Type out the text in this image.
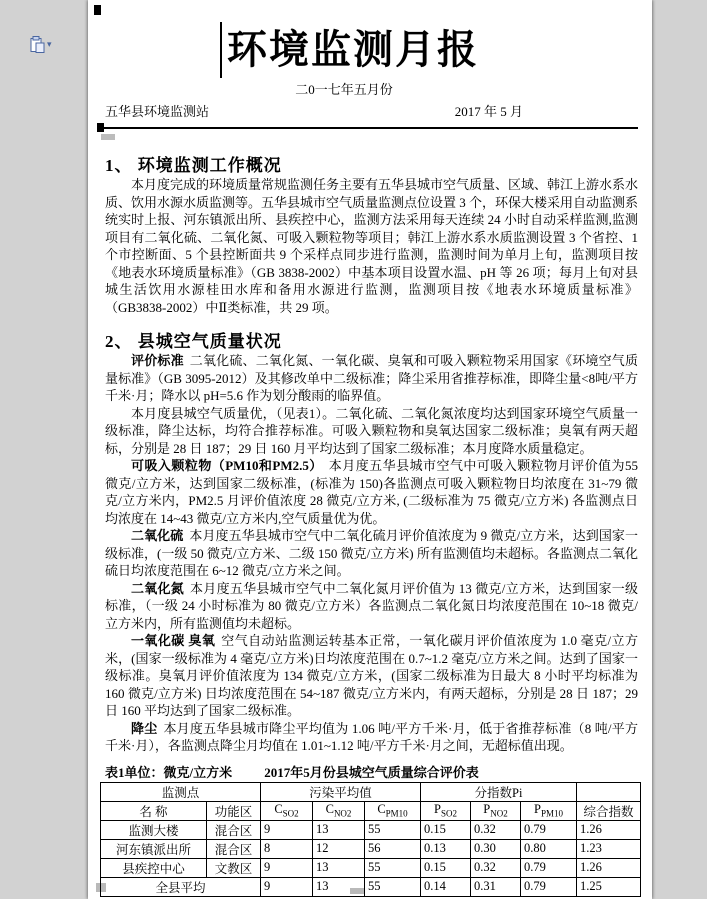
▾	环境监测月报
二0一七年五月份
五华县环境监测站	2017 年 5 月
1、 环境监测工作概况

本月度完成的环境质量常规监测任务主要有五华县城市空气质量、区域、韩江上游水系水质、饮用水源水质监测等。五华县城市空气质量监测点位设置 3 个，环保大楼采用自动监测系统实时上报、河东镇派出所、县疾控中心，监测方法采用每天连续 24 小时自动采样监测,监测项目有二氧化硫、二氧化氮、可吸入颗粒物等项目；韩江上游水系水质监测设置 3 个省控、1 个市控断面、5 个县控断面共 9 个采样点同步进行监测，监测时间为单月上旬，监测项目按《地表水环境质量标准》（GB 3838-2002）中基本项目设置水温、pH 等 26 项；每月上旬对县城生活饮用水源桂田水库和备用水源进行监测，监测项目按《地表水环境质量标准》（GB3838-2002）中Ⅱ类标准，共 29 项。

2、 县城空气质量状况

评价标准 二氧化硫、二氧化氮、一氧化碳、臭氧和可吸入颗粒物采用国家《环境空气质量标准》（GB 3095-2012）及其修改单中二级标准；降尘采用省推荐标准，即降尘量<8吨/平方千米·月；降水以 pH=5.6 作为划分酸雨的临界值。

本月度县城空气质量优，（见表1）。二氧化硫、二氧化氮浓度均达到国家环境空气质量一级标准，降尘达标，均符合推荐标准。可吸入颗粒物和臭氧达国家二级标准；臭氧有两天超标，分别是 28 日 187；29 日 160 月平均达到了国家二级标准；本月度降水质量稳定。

可吸入颗粒物（PM10和PM2.5） 本月度五华县城市空气中可吸入颗粒物月评价值为55 微克/立方米，达到国家二级标准，(标准为 150)各监测点可吸入颗粒物日均浓度在 31~79 微克/立方米内，PM2.5 月评价值浓度 28 微克/立方米, (二级标准为 75 微克/立方米) 各监测点日均浓度在 14~43 微克/立方米内,空气质量优为优。

二氧化硫 本月度五华县城市空气中二氧化硫月评价值浓度为 9 微克/立方米，达到国家一级标准，(一级 50 微克/立方米、二级 150 微克/立方米) 所有监测值均未超标。各监测点二氧化硫日均浓度范围在 6~12 微克/立方米之间。

二氧化氮 本月度五华县城市空气中二氧化氮月评价值为 13 微克/立方米，达到国家一级标准，（一级 24 小时标准为 80 微克/立方米）各监测点二氧化氮日均浓度范围在 10~18 微克/立方米内，所有监测值均未超标。

一氧化碳 臭氧 空气自动站监测运转基本正常，一氧化碳月评价值浓度为 1.0 毫克/立方米，(国家一级标准为 4 毫克/立方米)日均浓度范围在 0.7~1.2 毫克/立方米之间。达到了国家一级标准。臭氧月评价值浓度为 134 微克/立方米，(国家二级标准为日最大 8 小时平均标准为 160 微克/立方米) 日均浓度范围在 54~187 微克/立方米内，有两天超标，分别是 28 日 187；29 日 160 平均达到了国家二级标准。

降尘 本月度五华县城市降尘平均值为 1.06 吨/平方千米·月，低于省推荐标准（8 吨/平方千米·月），各监测点降尘月均值在 1.01~1.12 吨/平方千米·月之间，无超标值出现。

2017年5月份县城空气质量综合评价表
表1单位：微克/立方米
监测点		污染平均值			分指数Pi			
名 称	功能区	$C_{SO2}$	$C_{NO2}$	$C_{PM10}$	$P_{SO2}$	$P_{NO2}$	$P_{PM10}$	综合指数
监测大楼	混合区	9	13	55	0.15	0.32	0.79	1.26
河东镇派出所	混合区	8	12	56	0.13	0.30	0.80	1.23
县疾控中心	文教区	9	13	55	0.15	0.32	0.79	1.26
全县平均		9	13	55	0.14	0.31	0.79	1.25
